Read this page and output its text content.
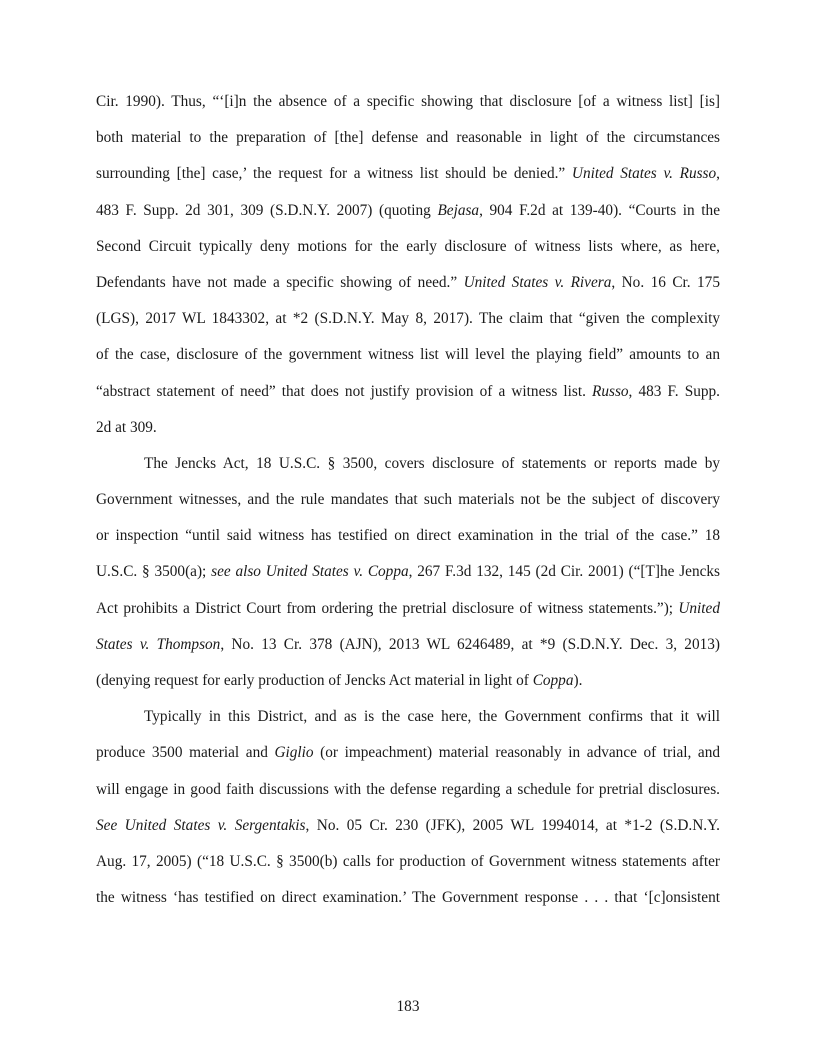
Cir. 1990). Thus, “‘[i]n the absence of a specific showing that disclosure [of a witness list] [is]
both material to the preparation of [the] defense and reasonable in light of the circumstances
surrounding [the] case,’ the request for a witness list should be denied.” United States v. Russo,
483 F. Supp. 2d 301, 309 (S.D.N.Y. 2007) (quoting Bejasa, 904 F.2d at 139-40). “Courts in the
Second Circuit typically deny motions for the early disclosure of witness lists where, as here,
Defendants have not made a specific showing of need.” United States v. Rivera, No. 16 Cr. 175
(LGS), 2017 WL 1843302, at *2 (S.D.N.Y. May 8, 2017). The claim that “given the complexity
of the case, disclosure of the government witness list will level the playing field” amounts to an
“abstract statement of need” that does not justify provision of a witness list. Russo, 483 F. Supp.
2d at 309.
The Jencks Act, 18 U.S.C. § 3500, covers disclosure of statements or reports made by
Government witnesses, and the rule mandates that such materials not be the subject of discovery
or inspection “until said witness has testified on direct examination in the trial of the case.” 18
U.S.C. § 3500(a); see also United States v. Coppa, 267 F.3d 132, 145 (2d Cir. 2001) (“[T]he Jencks
Act prohibits a District Court from ordering the pretrial disclosure of witness statements.”); United
States v. Thompson, No. 13 Cr. 378 (AJN), 2013 WL 6246489, at *9 (S.D.N.Y. Dec. 3, 2013)
(denying request for early production of Jencks Act material in light of Coppa).
Typically in this District, and as is the case here, the Government confirms that it will
produce 3500 material and Giglio (or impeachment) material reasonably in advance of trial, and
will engage in good faith discussions with the defense regarding a schedule for pretrial disclosures.
See United States v. Sergentakis, No. 05 Cr. 230 (JFK), 2005 WL 1994014, at *1-2 (S.D.N.Y.
Aug. 17, 2005) (“18 U.S.C. § 3500(b) calls for production of Government witness statements after
the witness ‘has testified on direct examination.’ The Government response . . . that ‘[c]onsistent
183
